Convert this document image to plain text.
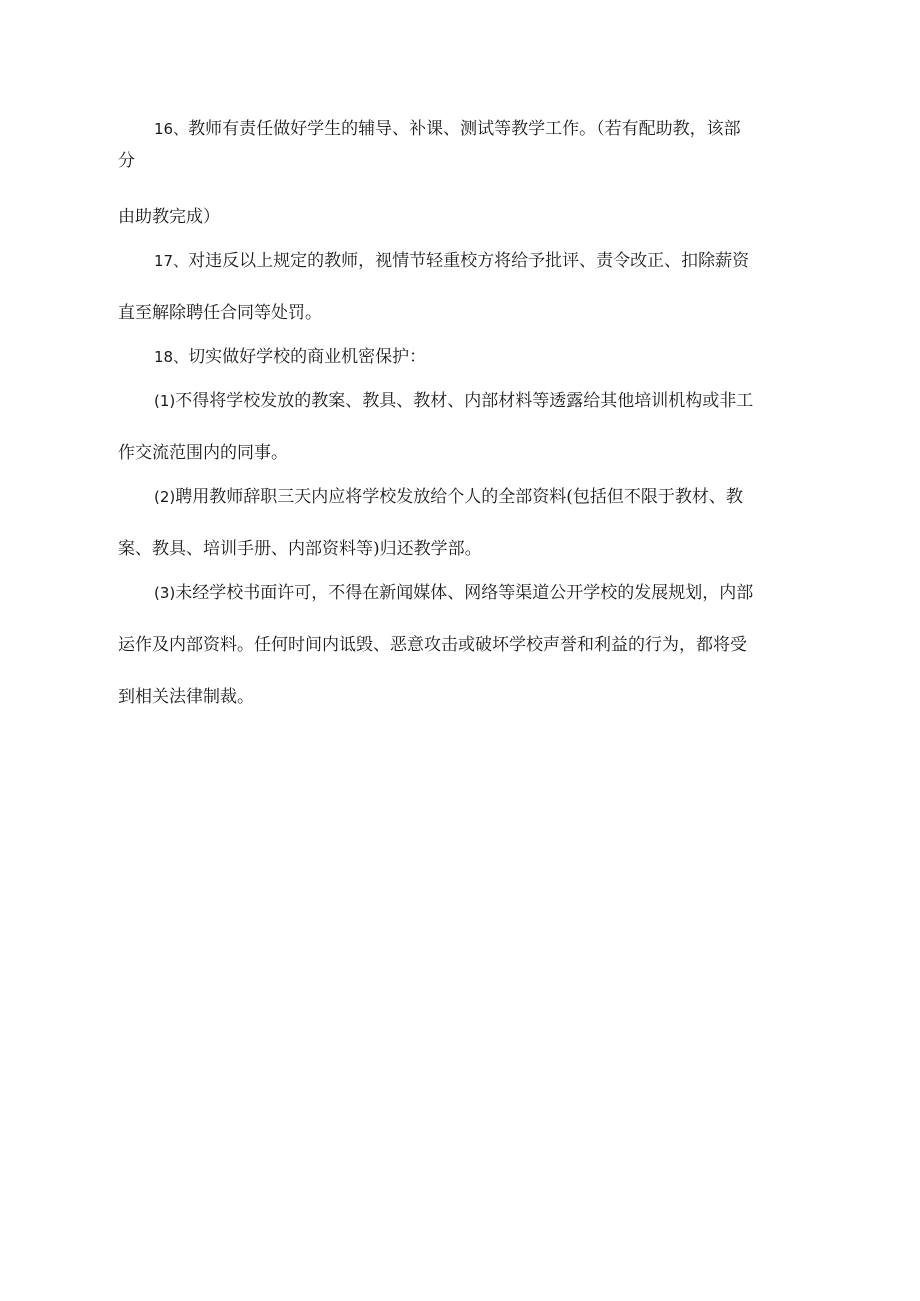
16、教师有责任做好学生的辅导、补课、测试等教学工作。（若有配助教，该部
分
由助教完成）
17、对违反以上规定的教师，视情节轻重校方将给予批评、责令改正、扣除薪资
直至解除聘任合同等处罚。
18、切实做好学校的商业机密保护：
(1)不得将学校发放的教案、教具、教材、内部材料等透露给其他培训机构或非工
作交流范围内的同事。
(2)聘用教师辞职三天内应将学校发放给个人的全部资料(包括但不限于教材、教
案、教具、培训手册、内部资料等)归还教学部。
(3)未经学校书面许可，不得在新闻媒体、网络等渠道公开学校的发展规划，内部
运作及内部资料。任何时间内诋毁、恶意攻击或破坏学校声誉和利益的行为，都将受
到相关法律制裁。
